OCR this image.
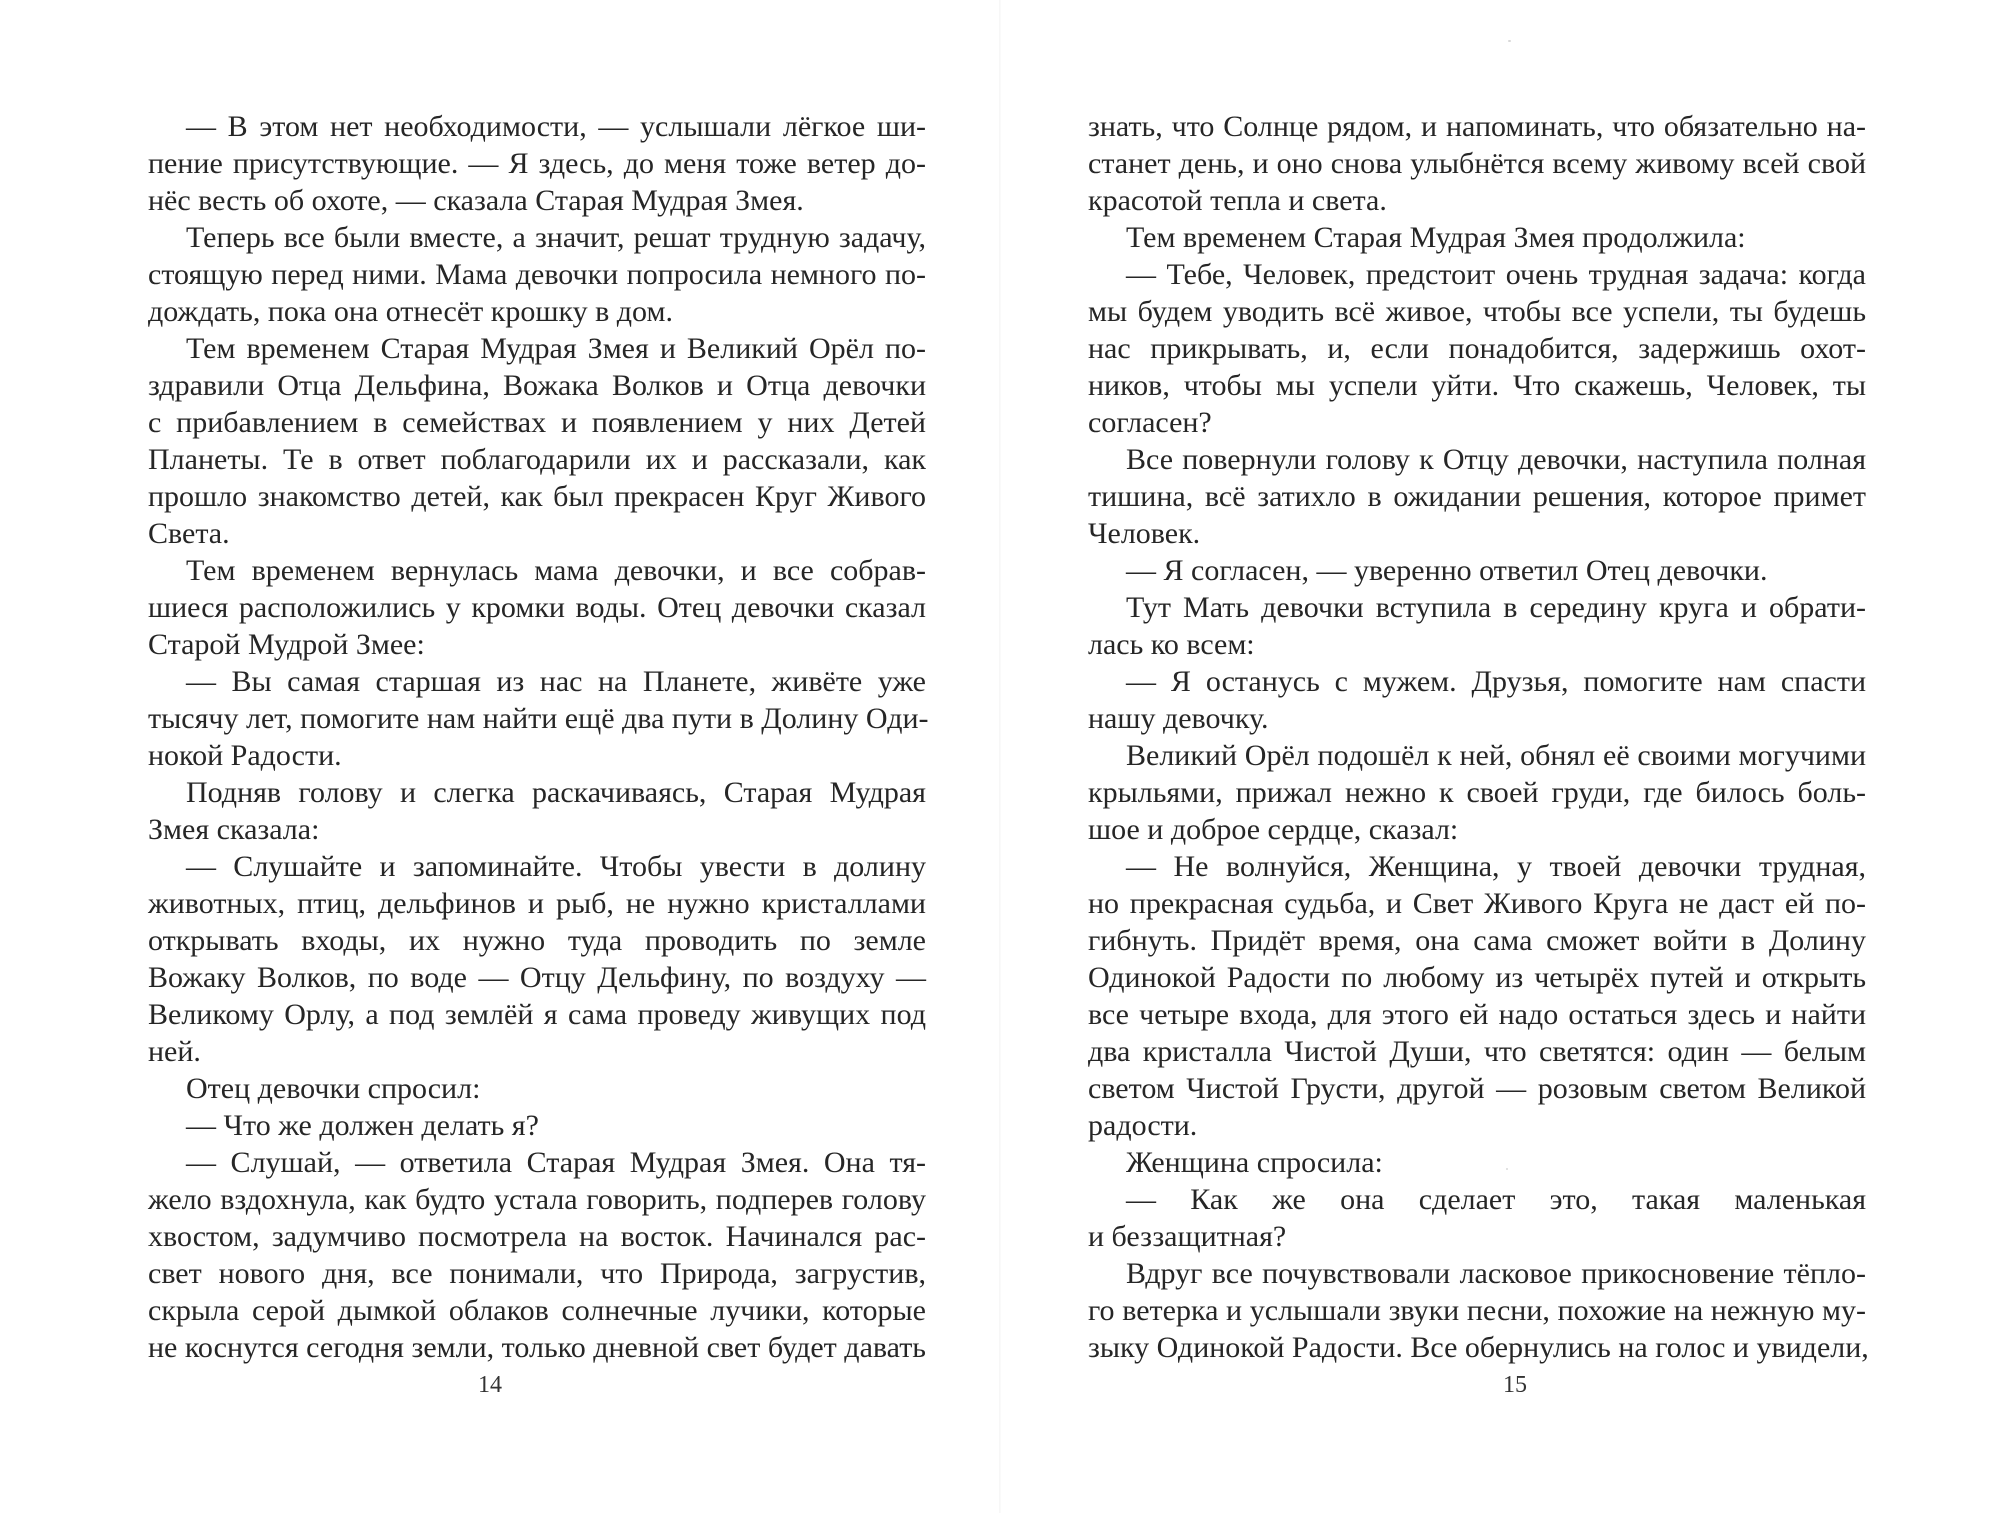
— В этом нет необходимости, — услышали лёгкое ши-
пение присутствующие. — Я здесь, до меня тоже ветер до-
нёс весть об охоте, — сказала Старая Мудрая Змея.
Теперь все были вместе, а значит, решат трудную задачу,
стоящую перед ними. Мама девочки попросила немного по-
дождать, пока она отнесёт крошку в дом.
Тем временем Старая Мудрая Змея и Великий Орёл по-
здравили Отца Дельфина, Вожака Волков и Отца девочки
с прибавлением в семействах и появлением у них Детей
Планеты. Те в ответ поблагодарили их и рассказали, как
прошло знакомство детей, как был прекрасен Круг Живого
Света.
Тем временем вернулась мама девочки, и все собрав-
шиеся расположились у кромки воды. Отец девочки сказал
Старой Мудрой Змее:
— Вы самая старшая из нас на Планете, живёте уже
тысячу лет, помогите нам найти ещё два пути в Долину Оди-
нокой Радости.
Подняв голову и слегка раскачиваясь, Старая Мудрая
Змея сказала:
— Слушайте и запоминайте. Чтобы увести в долину
животных, птиц, дельфинов и рыб, не нужно кристаллами
открывать входы, их нужно туда проводить по земле
Вожаку Волков, по воде — Отцу Дельфину, по воздуху —
Великому Орлу, а под землёй я сама проведу живущих под
ней.
Отец девочки спросил:
— Что же должен делать я?
— Слушай, — ответила Старая Мудрая Змея. Она тя-
жело вздохнула, как будто устала говорить, подперев голову
хвостом, задумчиво посмотрела на восток. Начинался рас-
свет нового дня, все понимали, что Природа, загрустив,
скрыла серой дымкой облаков солнечные лучики, которые
не коснутся сегодня земли, только дневной свет будет давать
14
знать, что Солнце рядом, и напоминать, что обязательно на-
станет день, и оно снова улыбнётся всему живому всей свой
красотой тепла и света.
Тем временем Старая Мудрая Змея продолжила:
— Тебе, Человек, предстоит очень трудная задача: когда
мы будем уводить всё живое, чтобы все успели, ты будешь
нас прикрывать, и, если понадобится, задержишь охот-
ников, чтобы мы успели уйти. Что скажешь, Человек, ты
согласен?
Все повернули голову к Отцу девочки, наступила полная
тишина, всё затихло в ожидании решения, которое примет
Человек.
— Я согласен, — уверенно ответил Отец девочки.
Тут Мать девочки вступила в середину круга и обрати-
лась ко всем:
— Я останусь с мужем. Друзья, помогите нам спасти
нашу девочку.
Великий Орёл подошёл к ней, обнял её своими могучими
крыльями, прижал нежно к своей груди, где билось боль-
шое и доброе сердце, сказал:
— Не волнуйся, Женщина, у твоей девочки трудная,
но прекрасная судьба, и Свет Живого Круга не даст ей по-
гибнуть. Придёт время, она сама сможет войти в Долину
Одинокой Радости по любому из четырёх путей и открыть
все четыре входа, для этого ей надо остаться здесь и найти
два кристалла Чистой Души, что светятся: один — белым
светом Чистой Грусти, другой — розовым светом Великой
радости.
Женщина спросила:
— Как же она сделает это, такая маленькая
и беззащитная?
Вдруг все почувствовали ласковое прикосновение тёпло-
го ветерка и услышали звуки песни, похожие на нежную му-
зыку Одинокой Радости. Все обернулись на голос и увидели,
15
